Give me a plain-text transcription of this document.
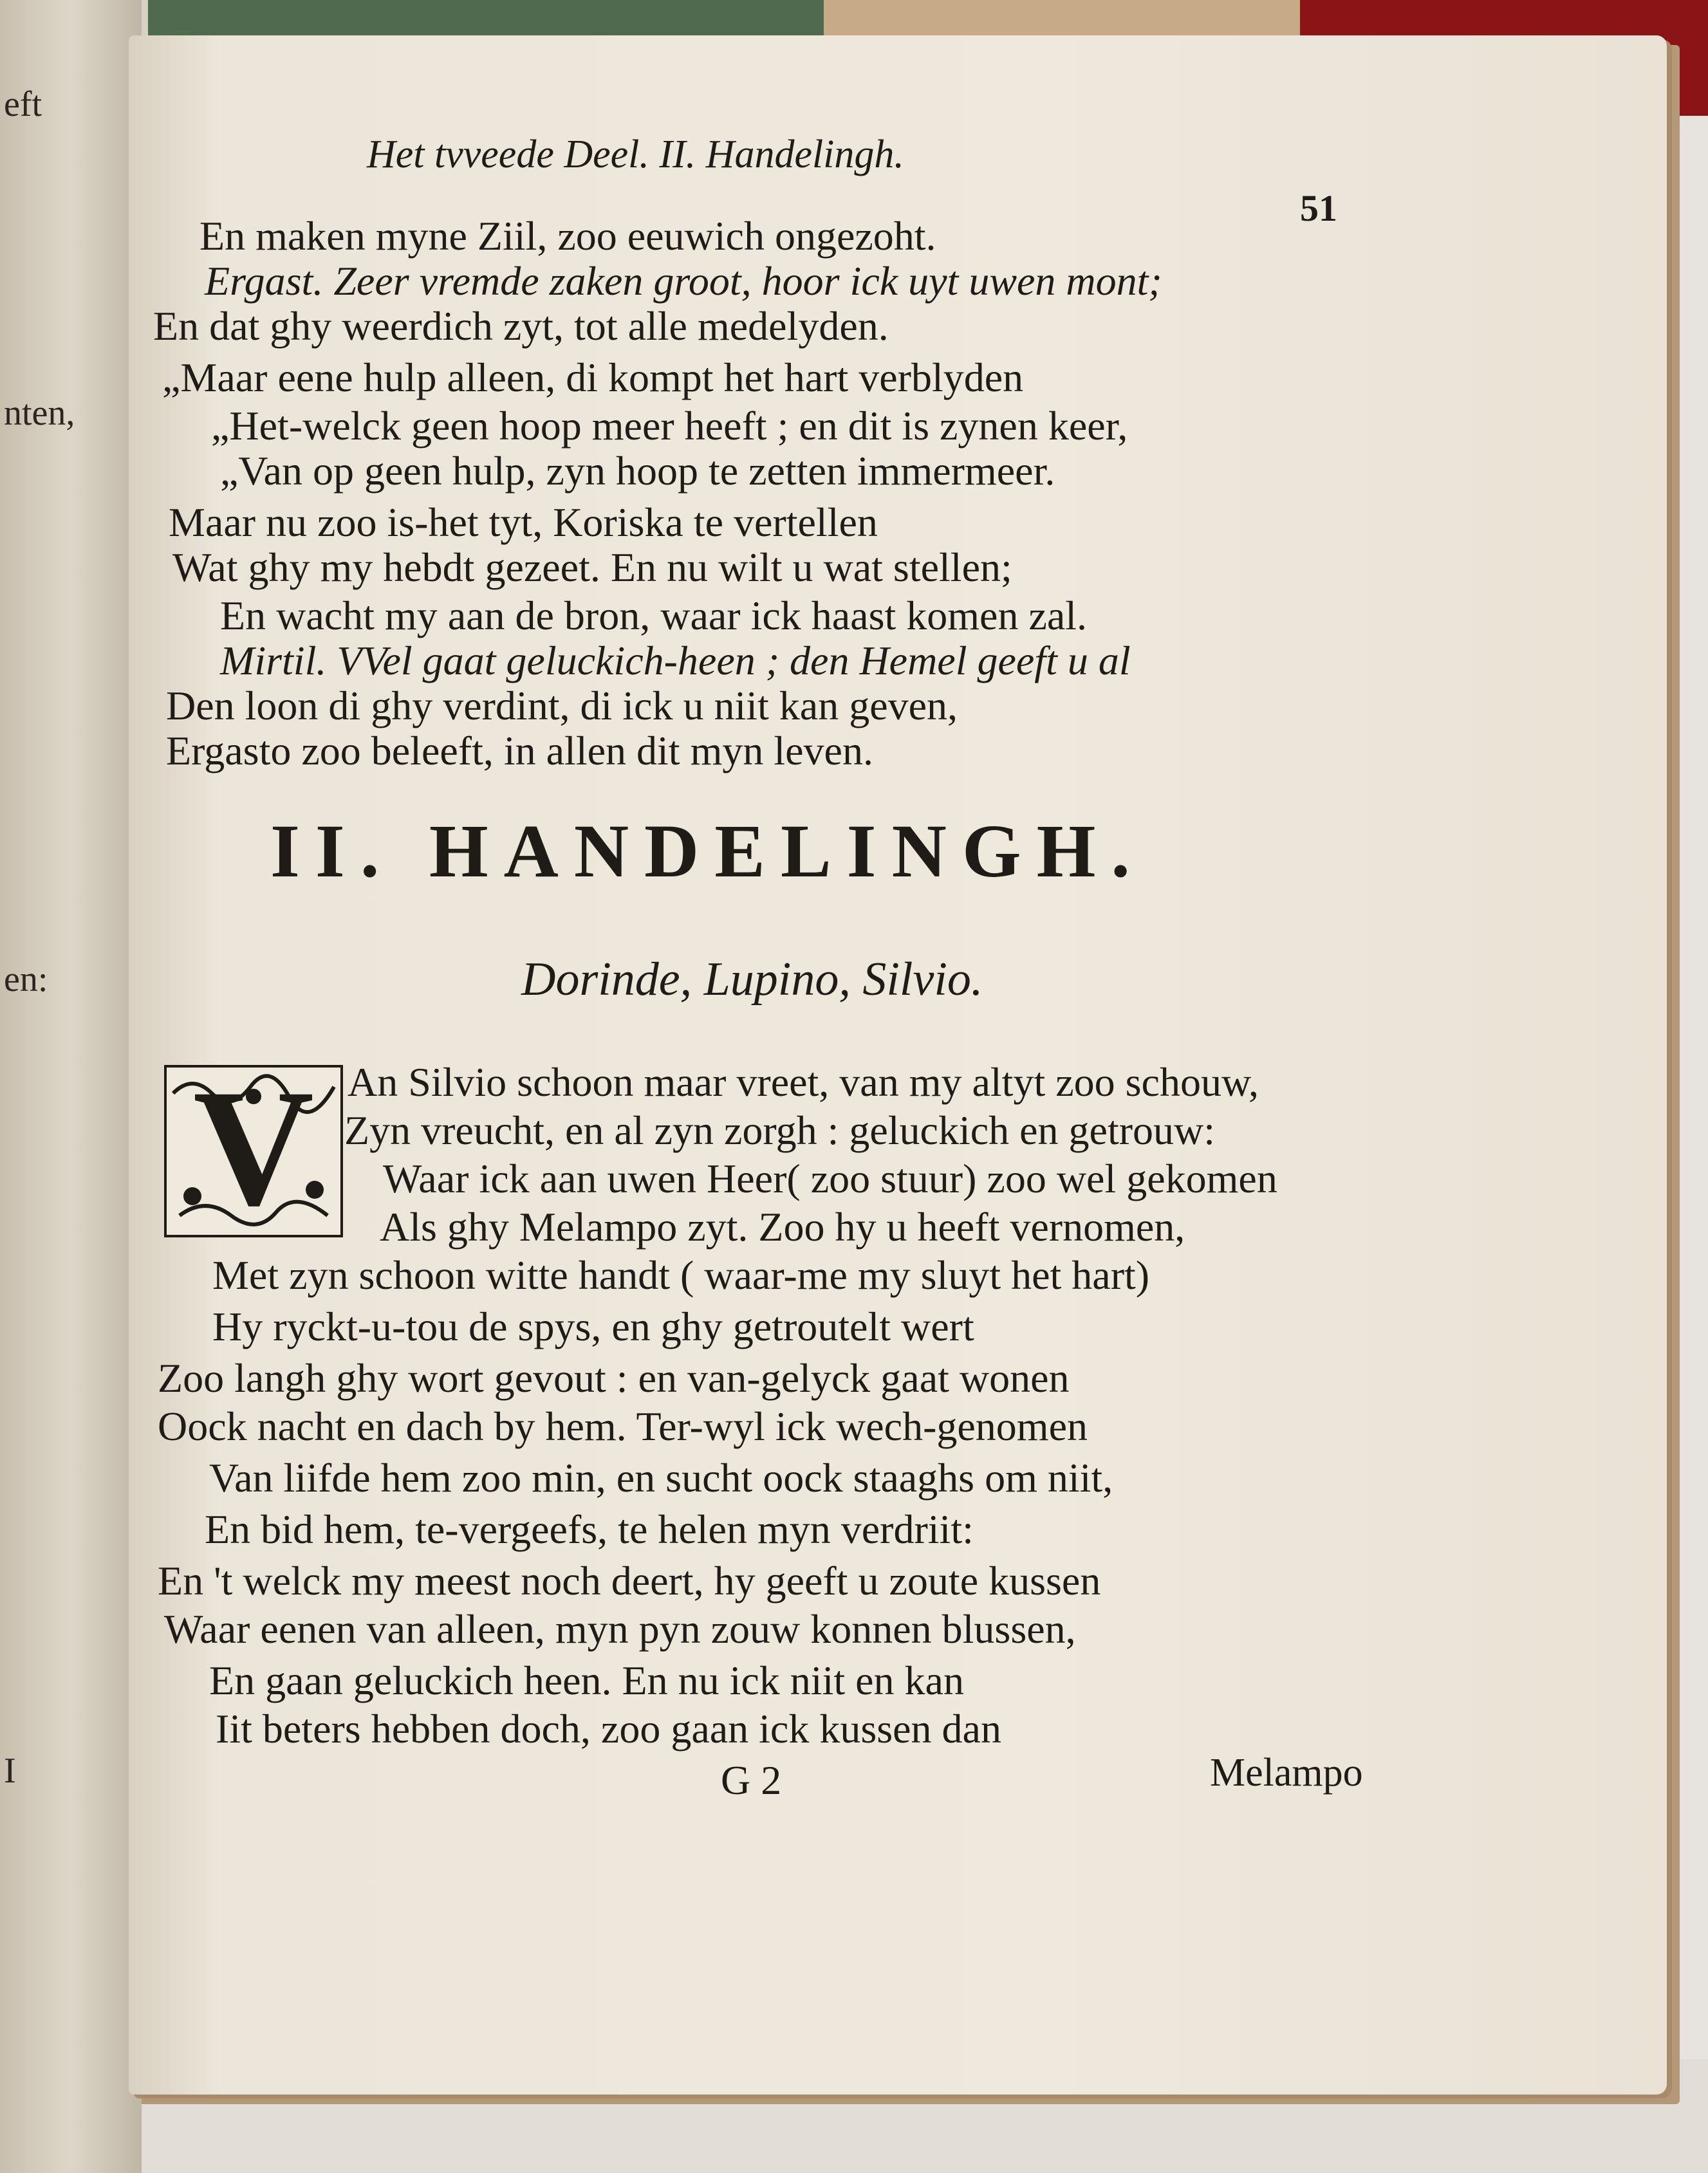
eft
nten,
en:
I
Het tvveede Deel. II. Handelingh.
51
En maken myne Ziil, zoo eeuwich ongezoht.
Ergast. Zeer vremde zaken groot, hoor ick uyt uwen mont;
En dat ghy weerdich zyt, tot alle medelyden.
„Maar eene hulp alleen, di kompt het hart verblyden
„Het-welck geen hoop meer heeft ; en dit is zynen keer,
„Van op geen hulp, zyn hoop te zetten immermeer.
Maar nu zoo is-het tyt, Koriska te vertellen
Wat ghy my hebdt gezeet. En nu wilt u wat stellen;
En wacht my aan de bron, waar ick haast komen zal.
Mirtil. VVel gaat geluckich-heen ; den Hemel geeft u al
Den loon di ghy verdint, di ick u niit kan geven,
Ergasto zoo beleeft, in allen dit myn leven.
II. HANDELINGH.
Dorinde, Lupino, Silvio.
V An Silvio schoon maar vreet, van my altyt zoo schouw,
Zyn vreucht, en al zyn zorgh : geluckich en getrouw:
Waar ick aan uwen Heer( zoo stuur) zoo wel gekomen
Als ghy Melampo zyt. Zoo hy u heeft vernomen,
Met zyn schoon witte handt ( waar-me my sluyt het hart)
Hy ryckt-u-tou de spys, en ghy getroutelt wert
Zoo langh ghy wort gevout : en van-gelyck gaat wonen
Oock nacht en dach by hem. Ter-wyl ick wech-genomen
Van liifde hem zoo min, en sucht oock staaghs om niit,
En bid hem, te-vergeefs, te helen myn verdriit:
En 't welck my meest noch deert, hy geeft u zoute kussen
Waar eenen van alleen, myn pyn zouw konnen blussen,
En gaan geluckich heen. En nu ick niit en kan
Iit beters hebben doch, zoo gaan ick kussen dan
G 2	Melampo
